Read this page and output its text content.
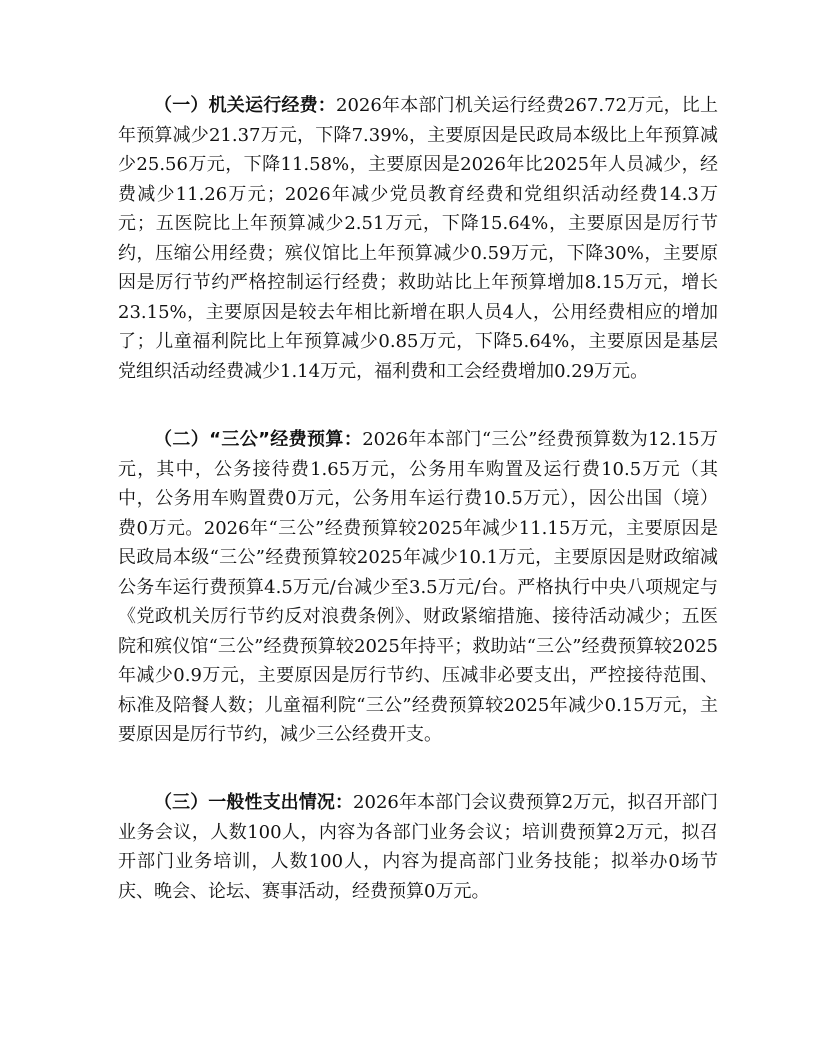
（一）机关运行经费：2026年本部门机关运行经费267.72万元，比上年预算减少21.37万元，下降7.39%，主要原因是民政局本级比上年预算减少25.56万元，下降11.58%，主要原因是2026年比2025年人员减少，经费减少11.26万元；2026年减少党员教育经费和党组织活动经费14.3万元；五医院比上年预算减少2.51万元，下降15.64%，主要原因是厉行节约，压缩公用经费；殡仪馆比上年预算减少0.59万元，下降30%，主要原因是厉行节约严格控制运行经费；救助站比上年预算增加8.15万元，增长23.15%，主要原因是较去年相比新增在职人员4人，公用经费相应的增加了；儿童福利院比上年预算减少0.85万元，下降5.64%，主要原因是基层党组织活动经费减少1.14万元，福利费和工会经费增加0.29万元。

（二）“三公”经费预算：2026年本部门“三公”经费预算数为12.15万元，其中，公务接待费1.65万元，公务用车购置及运行费10.5万元（其中，公务用车购置费0万元，公务用车运行费10.5万元），因公出国（境）费0万元。2026年“三公”经费预算较2025年减少11.15万元，主要原因是民政局本级“三公”经费预算较2025年减少10.1万元，主要原因是财政缩减公务车运行费预算4.5万元/台减少至3.5万元/台。严格执行中央八项规定与《党政机关厉行节约反对浪费条例》、财政紧缩措施、接待活动减少；五医院和殡仪馆“三公”经费预算较2025年持平；救助站“三公”经费预算较2025年减少0.9万元，主要原因是厉行节约、压减非必要支出，严控接待范围、标准及陪餐人数；儿童福利院“三公”经费预算较2025年减少0.15万元，主要原因是厉行节约，减少三公经费开支。

（三）一般性支出情况：2026年本部门会议费预算2万元，拟召开部门业务会议，人数100人，内容为各部门业务会议；培训费预算2万元，拟召开部门业务培训，人数100人，内容为提高部门业务技能；拟举办0场节庆、晚会、论坛、赛事活动，经费预算0万元。
